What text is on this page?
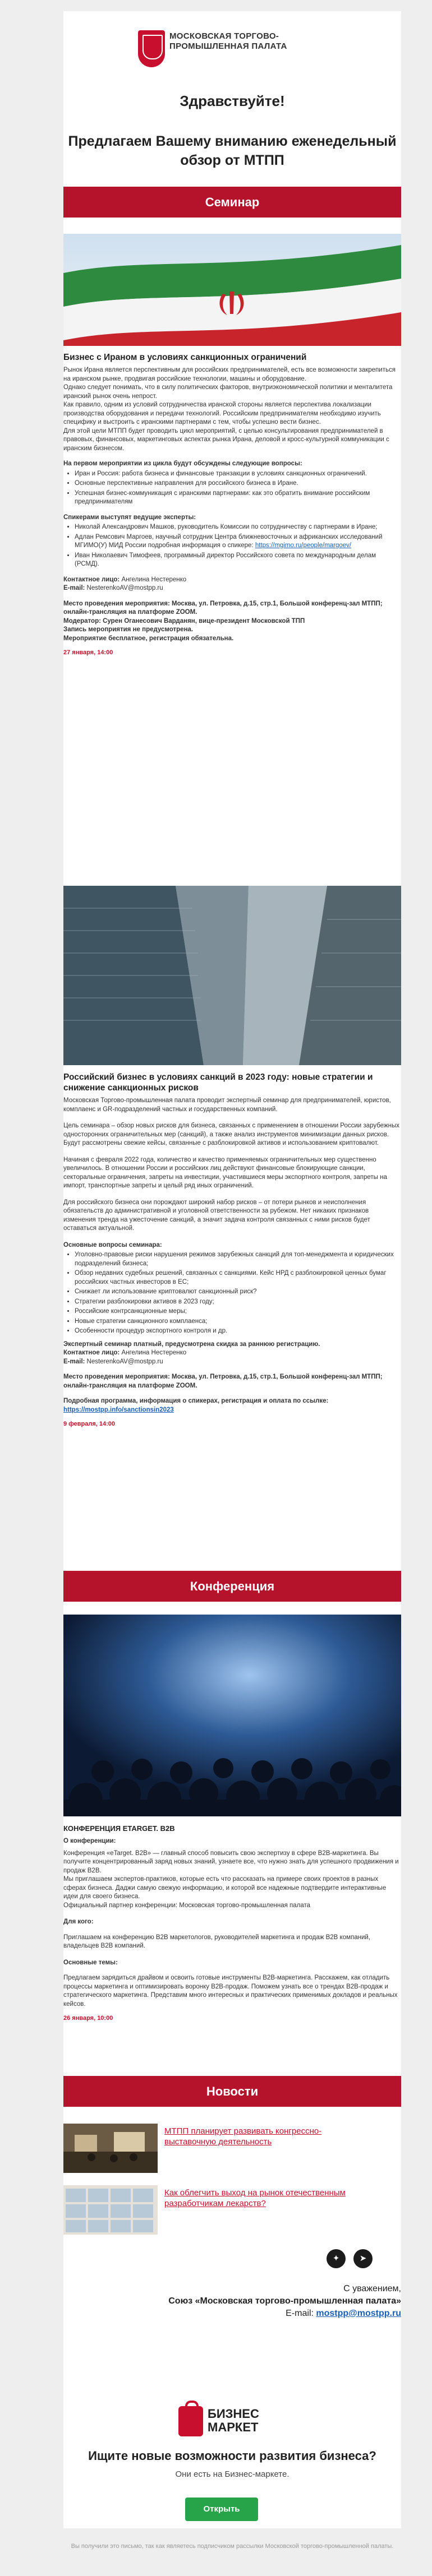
МОСКОВСКАЯ ТОРГОВО-ПРОМЫШЛЕННАЯ ПАЛАТА
Здравствуйте!
Предлагаем Вашему вниманию еженедельный обзор от МТПП
Семинар
Бизнес с Ираном в условиях санкционных ограничений

Рынок Ирана является перспективным для российских предпринимателей, есть все возможности закрепиться на иранском рынке, продвигая российские технологии, машины и оборудование.

Однако следует понимать, что в силу политических факторов, внутриэкономической политики и менталитета иранский рынок очень непрост.

Как правило, одним из условий сотрудничества иранской стороны является перспектива локализации производства оборудования и передачи технологий. Российским предпринимателям необходимо изучить специфику и выстроить с иранскими партнерами с тем, чтобы успешно вести бизнес.

Для этой цели МТПП будет проводить цикл мероприятий, с целью консультирования предпринимателей в правовых, финансовых, маркетинговых аспектах рынка Ирана, деловой и кросс-культурной коммуникации с иранским бизнесом.

На первом мероприятии из цикла будут обсуждены следующие вопросы:

• Иран и Россия: работа бизнеса и финансовые транзакции в условиях санкционных ограничений.
• Основные перспективные направления для российского бизнеса в Иране.
• Успешная бизнес-коммуникация с иранскими партнерами: как это обратить внимание российским предпринимателям

Спикерами выступят ведущие эксперты:

• Николай Александрович Машков, руководитель Комиссии по сотрудничеству с партнерами в Иране;
• Адлан Ремсович Маргоев, научный сотрудник Центра ближневосточных и африканских исследований МГИМО(У) МИД России подробная информация о спикере: https://mgimo.ru/people/margoev/
• Иван Николаевич Тимофеев, программный директор Российского совета по международным делам (РСМД).

Контактное лицо: Ангелина Нестеренко

E-mail: NesterenkoAV@mostpp.ru

Место проведения мероприятия: Москва, ул. Петровка, д.15, стр.1, Большой конференц-зал МТПП; онлайн-трансляция на платформе ZOOM.

Модератор: Сурен Оганесович Варданян, вице-президент Московской ТПП

Запись мероприятия не предусмотрена.

Мероприятие бесплатное, регистрация обязательна.

27 января, 14:00

Российский бизнес в условиях санкций в 2023 году: новые стратегии и снижение санкционных рисков

Московская Торгово-промышленная палата проводит экспертный семинар для предпринимателей, юристов, комплаенс и GR-подразделений частных и государственных компаний.

Цель семинара – обзор новых рисков для бизнеса, связанных с применением в отношении России зарубежных односторонних ограничительных мер (санкций), а также анализ инструментов минимизации данных рисков. Будут рассмотрены свежие кейсы, связанные с разблокировкой активов и использованием криптовалют.

Начиная с февраля 2022 года, количество и качество применяемых ограничительных мер существенно увеличилось. В отношении России и российских лиц действуют финансовые блокирующие санкции, секторальные ограничения, запреты на инвестиции, участившиеся меры экспортного контроля, запреты на импорт, транспортные запреты и целый ряд иных ограничений.

Для российского бизнеса они порождают широкий набор рисков – от потери рынков и неисполнения обязательств до административной и уголовной ответственности за рубежом. Нет никаких признаков изменения тренда на ужесточение санкций, а значит задача контроля связанных с ними рисков будет оставаться актуальной.

Основные вопросы семинара:

• Уголовно-правовые риски нарушения режимов зарубежных санкций для топ-менеджмента и юридических подразделений бизнеса;
• Обзор недавних судебных решений, связанных с санкциями. Кейс НРД с разблокировкой ценных бумаг российских частных инвесторов в ЕС;
• Снижает ли использование криптовалют санкционный риск?
• Стратегии разблокировки активов в 2023 году;
• Российские контрсанкционные меры;
• Новые стратегии санкционного комплаенса;
• Особенности процедур экспортного контроля и др.

Экспертный семинар платный, предусмотрена скидка за раннюю регистрацию.

Контактное лицо: Ангелина Нестеренко

E-mail: NesterenkoAV@mostpp.ru

Место проведения мероприятия: Москва, ул. Петровка, д.15, стр.1, Большой конференц-зал МТПП; онлайн-трансляция на платформе ZOOM.

Подробная программа, информация о спикерах, регистрация и оплата по ссылке:

https://mostpp.info/sanctionsin2023

9 февраля, 14:00

Конференция
КОНФЕРЕНЦИЯ ETARGET. B2B

О конференции:

Конференция «eTarget. B2B» — главный способ повысить свою экспертизу в сфере B2B-маркетинга. Вы получите концентрированный заряд новых знаний, узнаете все, что нужно знать для успешного продвижения и продаж B2B.

Мы приглашаем экспертов-практиков, которые есть что рассказать на примере своих проектов в разных сферах бизнеса. Даджи самую свежую информацию, и которой все надежные подтвердите интерактивные идеи для своего бизнеса.

Официальный партнер конференции: Московская торгово-промышленная палата

Для кого:

Приглашаем на конференцию B2B маркетологов, руководителей маркетинга и продаж B2B компаний, владельцев B2B компаний.

Основные темы:

Предлагаем зарядиться драйвом и освоить готовые инструменты B2B-маркетинга. Расскажем, как отладить процессы маркетинга и оптимизировать воронку B2B-продаж. Поможем узнать все о трендах B2B-продаж и стратегического маркетинга. Представим много интересных и практических применимых докладов и реальных кейсов.

26 января, 10:00

Новости
МТПП планирует развивать конгрессно-выставочную деятельность
Как облегчить выход на рынок отечественным разработчикам лекарств?
✦	➤
С уважением,
Союз «Московская торгово-промышленная палата»
E-mail: mostpp@mostpp.ru
БИЗНЕС МАРКЕТ
Ищите новые возможности развития бизнеса?
Они есть на Бизнес-маркете.
Открыть
Вы получили это письмо, так как являетесь подписчиком рассылки Московской торгово-промышленной палаты.
